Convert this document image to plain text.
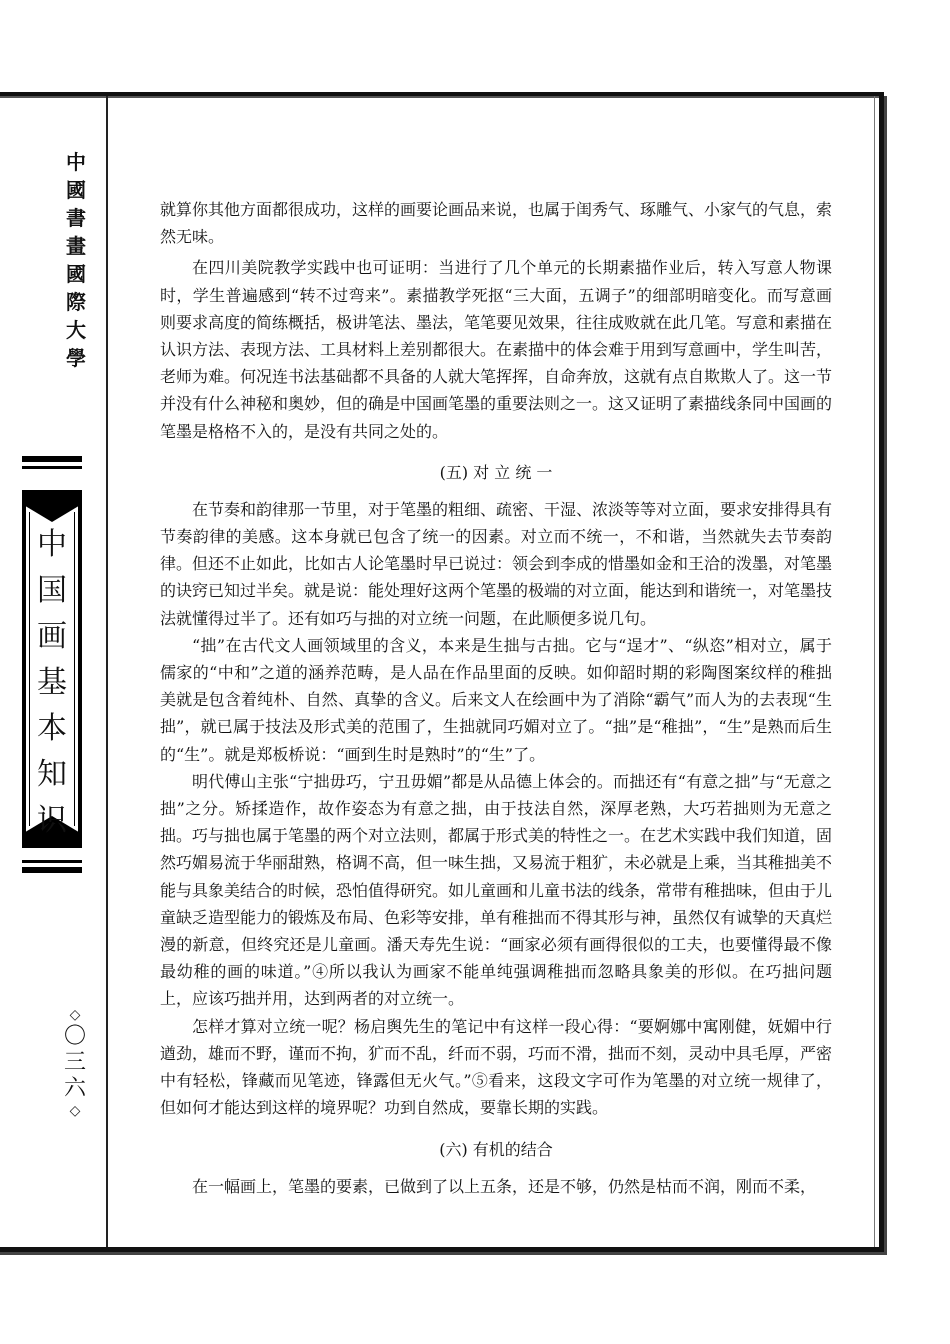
中
國
書
畫
國
際
大
學
中
国
画
基
本
知
识
◇
〇
三
六
◇

就算你其他方面都很成功，这样的画要论画品来说，也属于闺秀气、琢雕气、小家气的气息，索然无味。

在四川美院教学实践中也可证明：当进行了几个单元的长期素描作业后，转入写意人物课时，学生普遍感到“转不过弯来”。素描教学死抠“三大面，五调子”的细部明暗变化。而写意画则要求高度的简练概括，极讲笔法、墨法，笔笔要见效果，往往成败就在此几笔。写意和素描在认识方法、表现方法、工具材料上差别都很大。在素描中的体会难于用到写意画中，学生叫苦，老师为难。何况连书法基础都不具备的人就大笔挥挥，自命奔放，这就有点自欺欺人了。这一节并没有什么神秘和奥妙，但的确是中国画笔墨的重要法则之一。这又证明了素描线条同中国画的笔墨是格格不入的，是没有共同之处的。

(五) 对 立 统 一

在节奏和韵律那一节里，对于笔墨的粗细、疏密、干湿、浓淡等等对立面，要求安排得具有节奏韵律的美感。这本身就已包含了统一的因素。对立而不统一，不和谐，当然就失去节奏韵律。但还不止如此，比如古人论笔墨时早已说过：领会到李成的惜墨如金和王洽的泼墨，对笔墨的诀窍已知过半矣。就是说：能处理好这两个笔墨的极端的对立面，能达到和谐统一，对笔墨技法就懂得过半了。还有如巧与拙的对立统一问题，在此顺便多说几句。

“拙”在古代文人画领域里的含义，本来是生拙与古拙。它与“逞才”、“纵恣”相对立，属于儒家的“中和”之道的涵养范畴，是人品在作品里面的反映。如仰韶时期的彩陶图案纹样的稚拙美就是包含着纯朴、自然、真挚的含义。后来文人在绘画中为了消除“霸气”而人为的去表现“生拙”，就已属于技法及形式美的范围了，生拙就同巧媚对立了。“拙”是“稚拙”，“生”是熟而后生的“生”。就是郑板桥说：“画到生时是熟时”的“生”了。

明代傅山主张“宁拙毋巧，宁丑毋媚”都是从品德上体会的。而拙还有“有意之拙”与“无意之拙”之分。矫揉造作，故作姿态为有意之拙，由于技法自然，深厚老熟，大巧若拙则为无意之拙。巧与拙也属于笔墨的两个对立法则，都属于形式美的特性之一。在艺术实践中我们知道，固然巧媚易流于华丽甜熟，格调不高，但一味生拙，又易流于粗犷，未必就是上乘，当其稚拙美不能与具象美结合的时候，恐怕值得研究。如儿童画和儿童书法的线条，常带有稚拙味，但由于儿童缺乏造型能力的锻炼及布局、色彩等安排，单有稚拙而不得其形与神，虽然仅有诚挚的天真烂漫的新意，但终究还是儿童画。潘天寿先生说：“画家必须有画得很似的工夫，也要懂得最不像最幼稚的画的味道。”④所以我认为画家不能单纯强调稚拙而忽略具象美的形似。在巧拙问题上，应该巧拙并用，达到两者的对立统一。

怎样才算对立统一呢？杨启舆先生的笔记中有这样一段心得：“要婀娜中寓刚健，妩媚中行遒劲，雄而不野，谨而不拘，犷而不乱，纤而不弱，巧而不滑，拙而不刻，灵动中具毛厚，严密中有轻松，锋藏而见笔迹，锋露但无火气。”⑤看来，这段文字可作为笔墨的对立统一规律了，但如何才能达到这样的境界呢？功到自然成，要靠长期的实践。

(六) 有机的结合

在一幅画上，笔墨的要素，已做到了以上五条，还是不够，仍然是枯而不润，刚而不柔，
